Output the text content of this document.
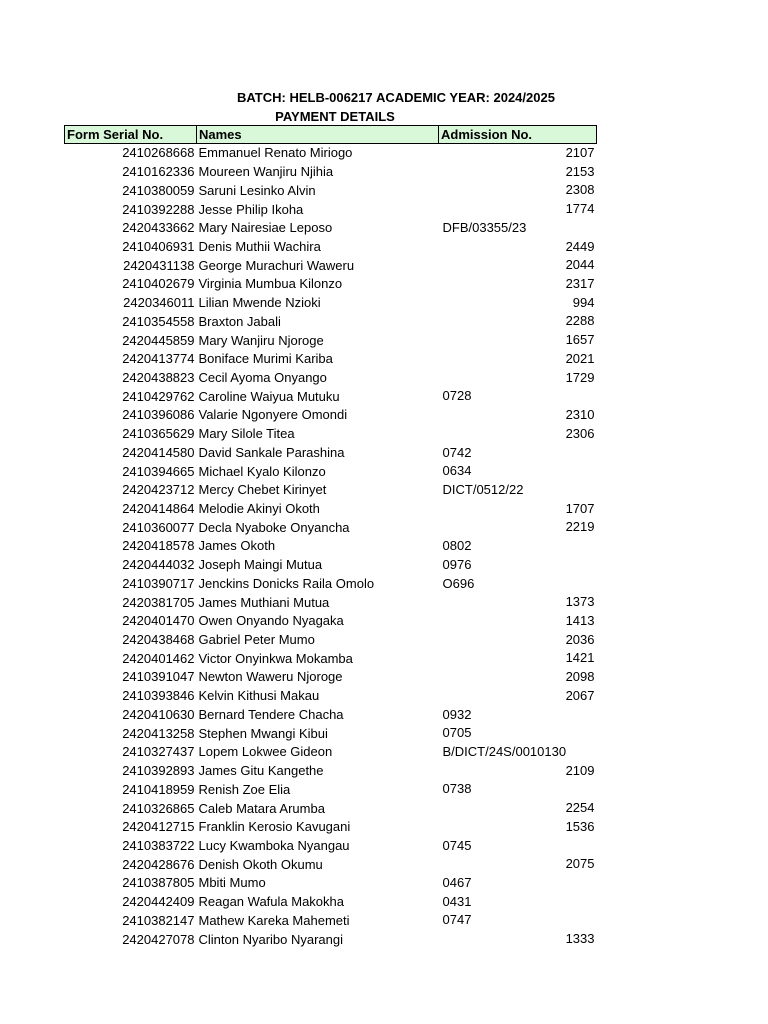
BATCH: HELB-006217 ACADEMIC YEAR: 2024/2025
PAYMENT DETAILS
Form Serial No.	Names	Admission No.
2410268668	Emmanuel Renato Miriogo	2107

2410162336	Moureen Wanjiru Njihia	2153

2410380059	Saruni Lesinko Alvin	2308

2410392288	Jesse Philip Ikoha	1774

2420433662	Mary Nairesiae Leposo	DFB/03355/23

2410406931	Denis Muthii Wachira	2449

2420431138	George Murachuri Waweru	2044

2410402679	Virginia Mumbua Kilonzo	2317

2420346011	Lilian Mwende Nzioki	994

2410354558	Braxton Jabali	2288

2420445859	Mary Wanjiru Njoroge	1657

2420413774	Boniface Murimi Kariba	2021

2420438823	Cecil Ayoma Onyango	1729

2410429762	Caroline Waiyua Mutuku	0728

2410396086	Valarie Ngonyere Omondi	2310

2410365629	Mary Silole Titea	2306

2420414580	David Sankale Parashina	0742

2410394665	Michael Kyalo Kilonzo	0634

2420423712	Mercy Chebet Kirinyet	DICT/0512/22

2420414864	Melodie Akinyi Okoth	1707

2410360077	Decla Nyaboke Onyancha	2219

2420418578	James Okoth	0802

2420444032	Joseph Maingi Mutua	0976

2410390717	Jenckins Donicks Raila Omolo	O696

2420381705	James Muthiani Mutua	1373

2420401470	Owen Onyando Nyagaka	1413

2420438468	Gabriel Peter Mumo	2036

2420401462	Victor Onyinkwa Mokamba	1421

2410391047	Newton Waweru Njoroge	2098

2410393846	Kelvin Kithusi Makau	2067

2420410630	Bernard Tendere Chacha	0932

2420413258	Stephen Mwangi Kibui	0705

2410327437	Lopem Lokwee Gideon	B/DICT/24S/0010130

2410392893	James Gitu Kangethe	2109

2410418959	Renish Zoe Elia	0738

2410326865	Caleb Matara Arumba	2254

2420412715	Franklin Kerosio Kavugani	1536

2410383722	Lucy Kwamboka Nyangau	0745

2420428676	Denish Okoth Okumu	2075

2410387805	Mbiti Mumo	0467

2420442409	Reagan Wafula Makokha	0431

2410382147	Mathew Kareka Mahemeti	0747

2420427078	Clinton Nyaribo Nyarangi	1333
